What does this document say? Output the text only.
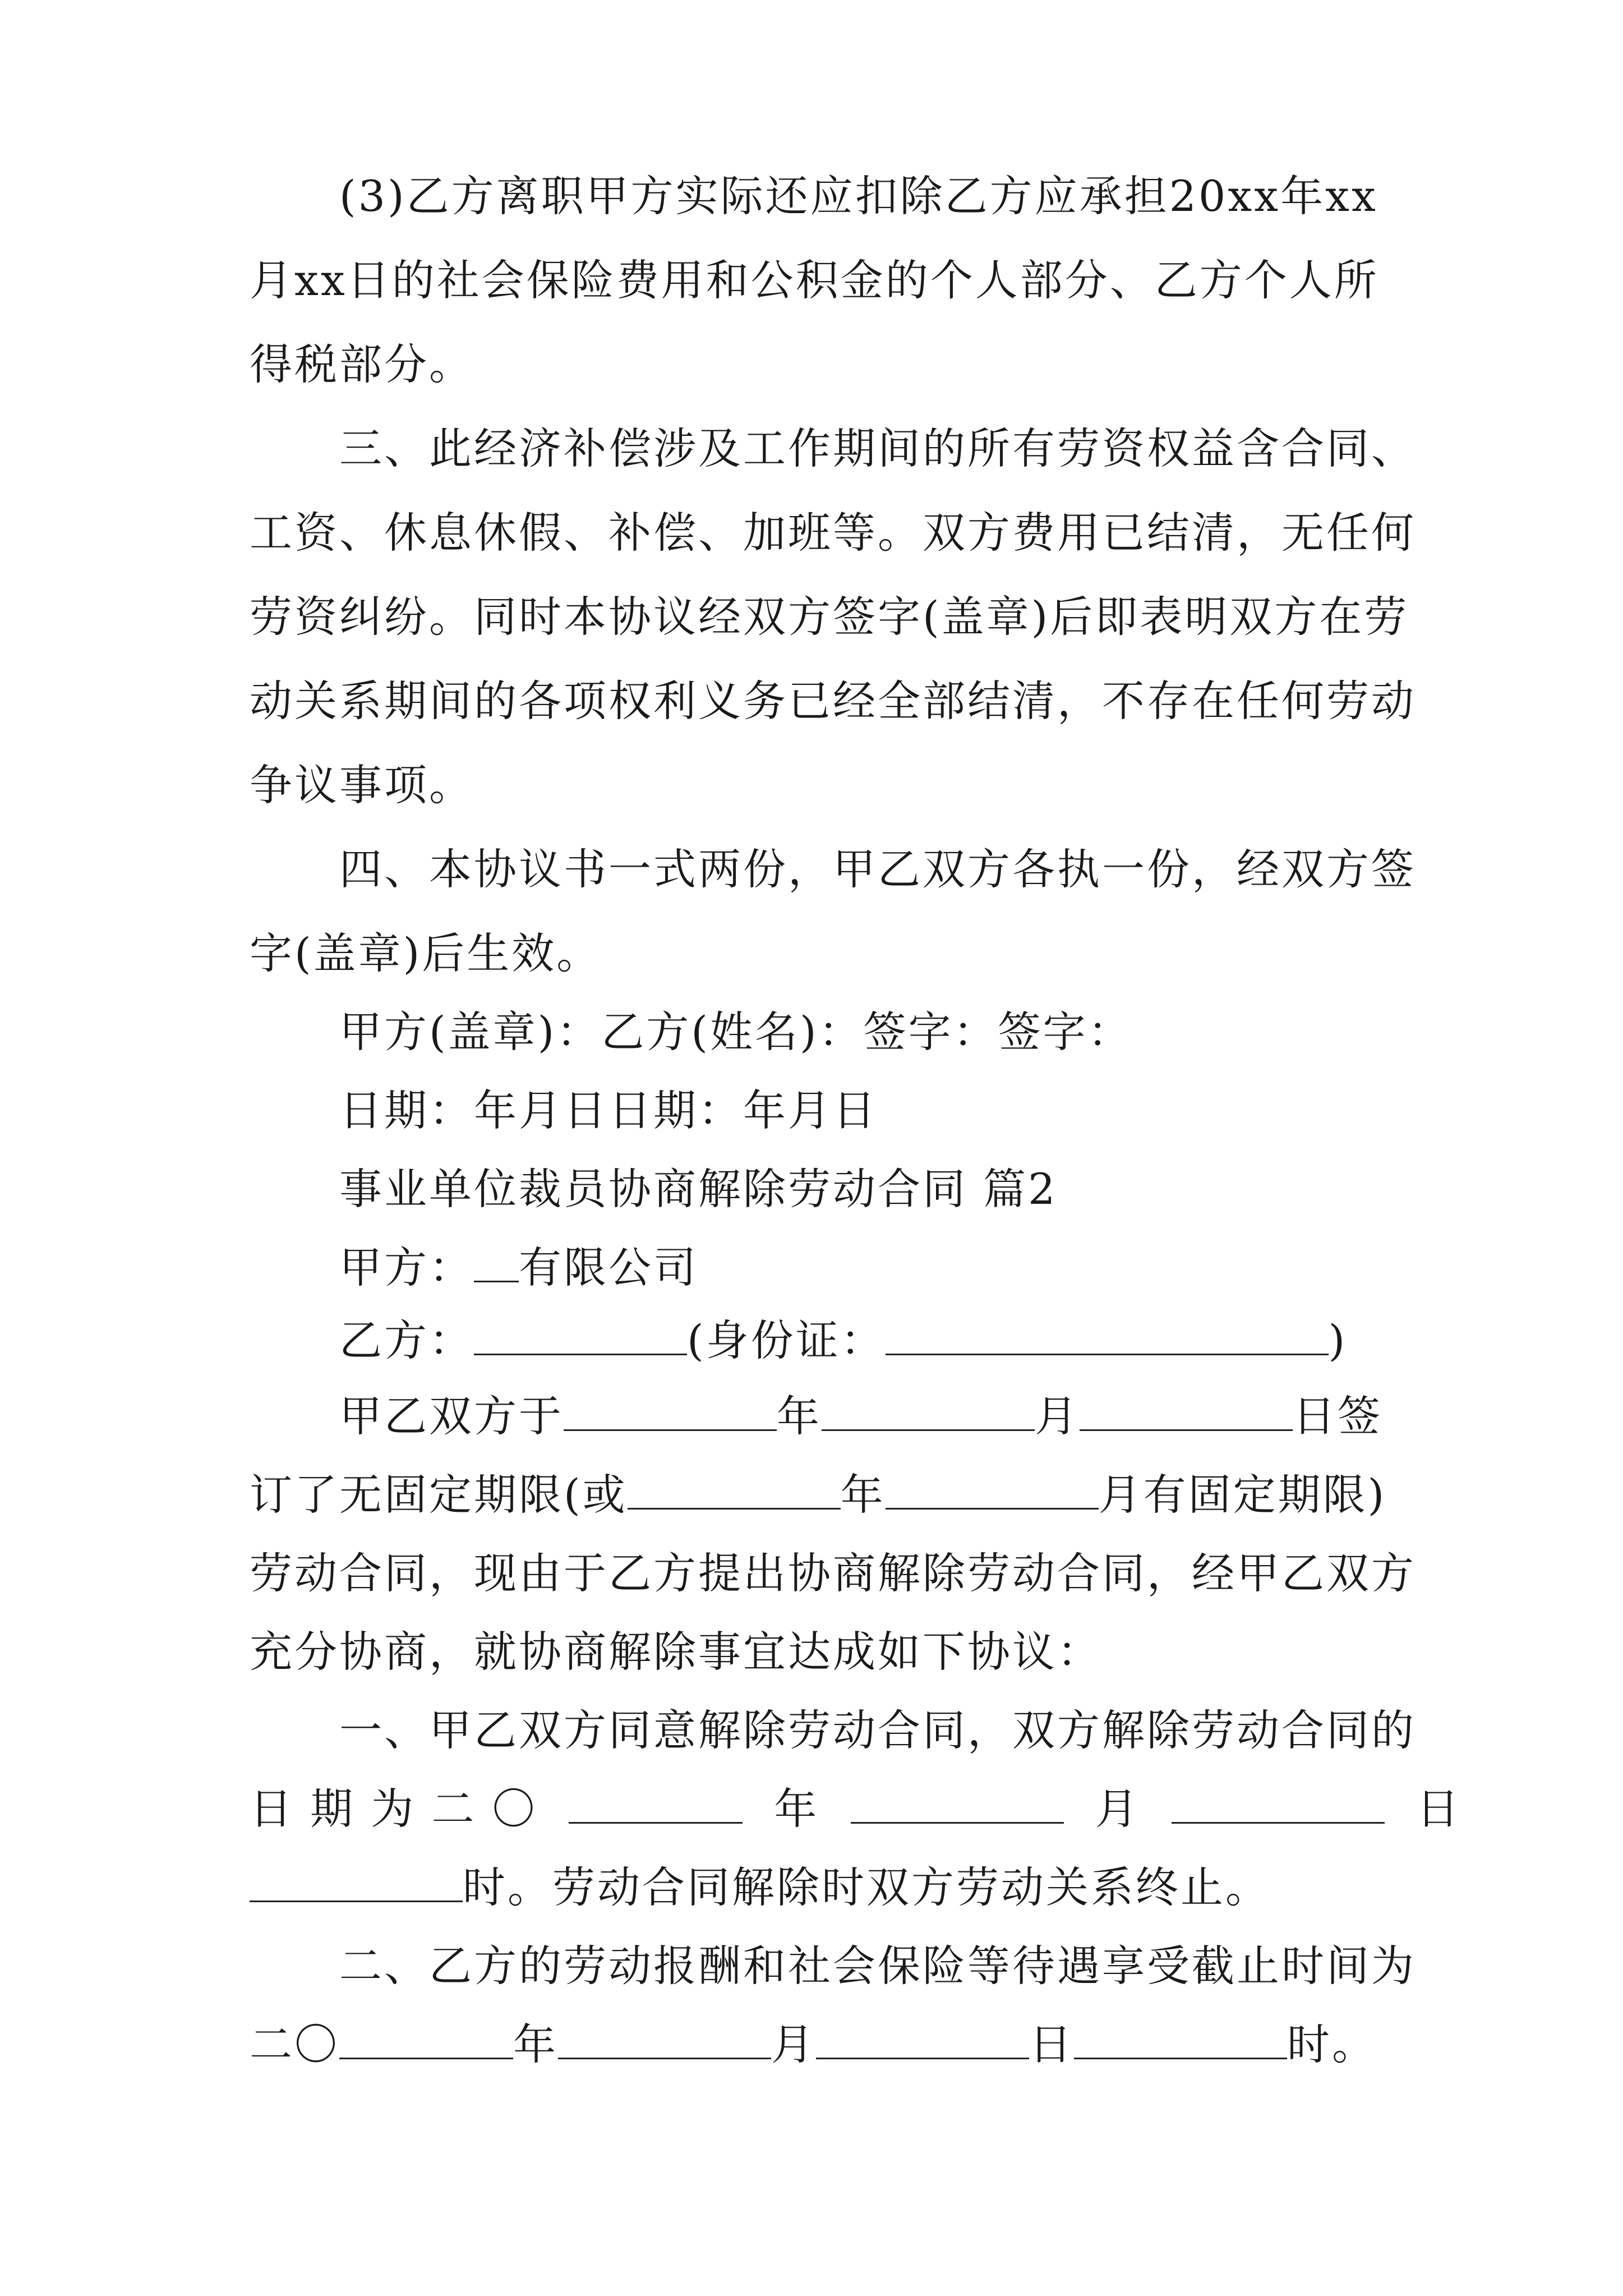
(3)乙方离职甲方实际还应扣除乙方应承担20xx年xx
月xx日的社会保险费用和公积金的个人部分、乙方个人所
得税部分。
三、此经济补偿涉及工作期间的所有劳资权益含合同、
工资、休息休假、补偿、加班等。双方费用已结清，无任何
劳资纠纷。同时本协议经双方签字(盖章)后即表明双方在劳
动关系期间的各项权利义务已经全部结清，不存在任何劳动
争议事项。
四、本协议书一式两份，甲乙双方各执一份，经双方签
字(盖章)后生效。
甲方(盖章)：乙方(姓名)：签字：签字：
日期：年月日日期：年月日
事业单位裁员协商解除劳动合同 篇2
甲方： 有限公司
乙方：	(身份证：	)
甲乙双方于	年	月	日签
订了无固定期限(或	年	月有固定期限)
劳动合同，现由于乙方提出协商解除劳动合同，经甲乙双方
充分协商，就协商解除事宜达成如下协议：
一、甲乙双方同意解除劳动合同，双方解除劳动合同的
日 期 为 二 〇	年	月	日
时。劳动合同解除时双方劳动关系终止。
二、乙方的劳动报酬和社会保险等待遇享受截止时间为
二〇	年	月	日	时。
